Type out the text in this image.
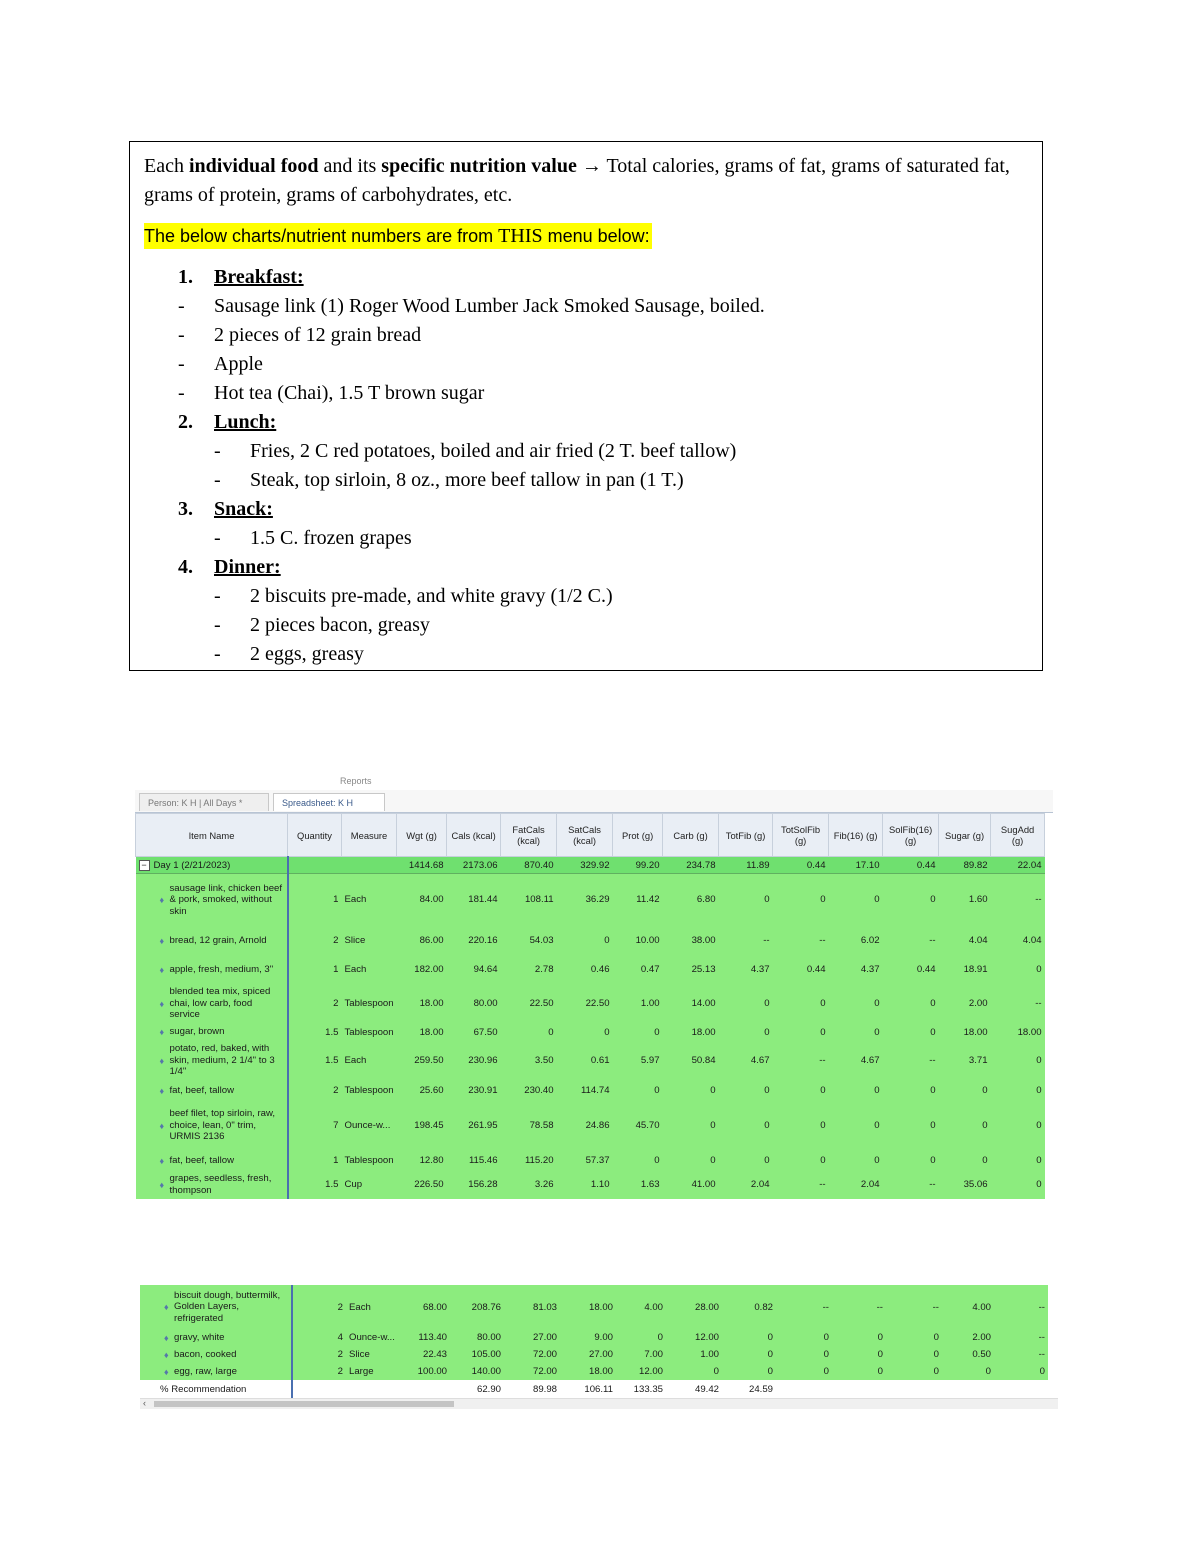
Each individual food and its specific nutrition value → Total calories, grams of fat, grams of saturated fat, grams of protein, grams of carbohydrates, etc.

The below charts/nutrient numbers are from THIS menu below:

1.	Breakfast:
-	Sausage link (1) Roger Wood Lumber Jack Smoked Sausage, boiled.
-	2 pieces of 12 grain bread
-	Apple
-	Hot tea (Chai), 1.5 T brown sugar
2.	Lunch:
-	Fries, 2 C red potatoes, boiled and air fried (2 T. beef tallow)
-	Steak, top sirloin, 8 oz., more beef tallow in pan (1 T.)
3.	Snack:
-	1.5 C. frozen grapes
4.	Dinner:
-	2 biscuits pre-made, and white gravy (1/2 C.)
-	2 pieces bacon, greasy
-	2 eggs, greasy
Reports
Person: K H | All Days *	Spreadsheet: K H
Item Name	Quantity	Measure	Wgt (g)	Cals (kcal)	FatCals (kcal)	SatCals (kcal)	Prot (g)	Carb (g)	TotFib (g)	TotSolFib (g)	Fib(16) (g)	SolFib(16) (g)	Sugar (g)	SugAdd (g)
− Day 1 (2/21/2023)			1414.68	2173.06	870.40	329.92	99.20	234.78	11.89	0.44	17.10	0.44	89.82	22.04

♦
sausage link, chicken beef & pork, smoked, without skin	1	Each	84.00	181.44	108.11	36.29	11.42	6.80	0	0	0	0	1.60	--

♦ bread, 12 grain, Arnold	2	Slice	86.00	220.16	54.03	0	10.00	38.00	--	--	6.02	--	4.04	4.04

♦ apple, fresh, medium, 3"	1	Each	182.00	94.64	2.78	0.46	0.47	25.13	4.37	0.44	4.37	0.44	18.91	0

♦
blended tea mix, spiced chai, low carb, food service	2	Tablespoon	18.00	80.00	22.50	22.50	1.00	14.00	0	0	0	0	2.00	--

♦ sugar, brown	1.5	Tablespoon	18.00	67.50	0	0	0	18.00	0	0	0	0	18.00	18.00

♦
potato, red, baked, with skin, medium, 2 1/4" to 3 1/4"	1.5	Each	259.50	230.96	3.50	0.61	5.97	50.84	4.67	--	4.67	--	3.71	0

♦ fat, beef, tallow	2	Tablespoon	25.60	230.91	230.40	114.74	0	0	0	0	0	0	0	0

♦
beef filet, top sirloin, raw, choice, lean, 0" trim, URMIS 2136	7	Ounce-w...	198.45	261.95	78.58	24.86	45.70	0	0	0	0	0	0	0

♦ fat, beef, tallow	1	Tablespoon	12.80	115.46	115.20	57.37	0	0	0	0	0	0	0	0

♦
grapes, seedless, fresh, thompson	1.5	Cup	226.50	156.28	3.26	1.10	1.63	41.00	2.04	--	2.04	--	35.06	0
♦
biscuit dough, buttermilk, Golden Layers, refrigerated	2	Each	68.00	208.76	81.03	18.00	4.00	28.00	0.82	--	--	--	4.00	--

♦ gravy, white	4	Ounce-w...	113.40	80.00	27.00	9.00	0	12.00	0	0	0	0	2.00	--

♦ bacon, cooked	2	Slice	22.43	105.00	72.00	27.00	7.00	1.00	0	0	0	0	0.50	--

♦ egg, raw, large	2	Large	100.00	140.00	72.00	18.00	12.00	0	0	0	0	0	0	0
% Recommendation				62.90	89.98	106.11	133.35	49.42	24.59					
‹
